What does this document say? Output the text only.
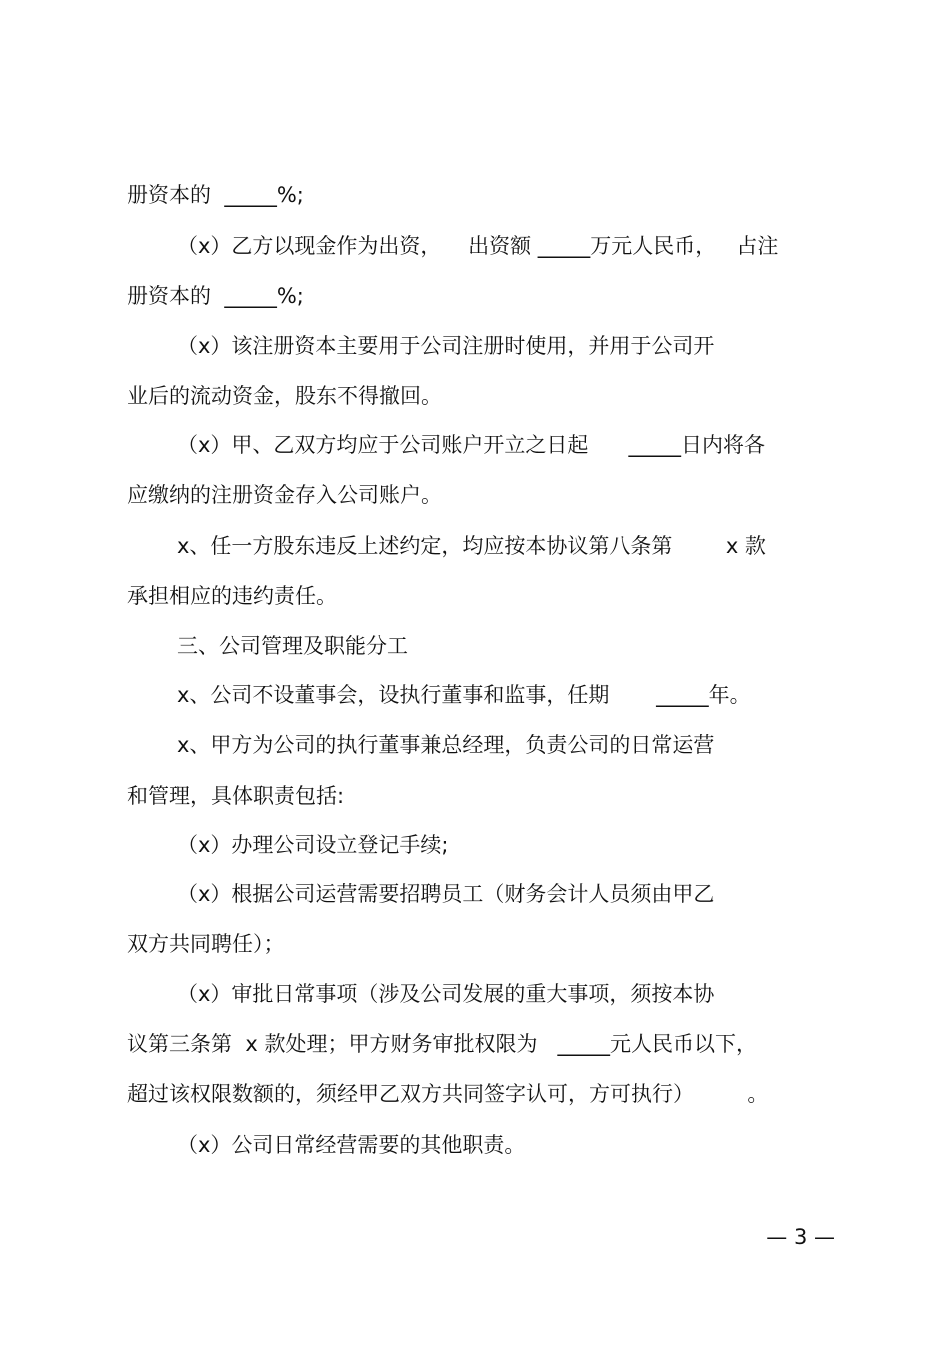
册资本的  _____%;
（x）乙方以现金作为出资，    出资额 _____万元人民币，   占注
册资本的  _____%;
（x）该注册资本主要用于公司注册时使用，并用于公司开
业后的流动资金，股东不得撤回。
（x）甲、乙双方均应于公司账户开立之日起      _____日内将各
应缴纳的注册资金存入公司账户。
x、任一方股东违反上述约定，均应按本协议第八条第        x 款
承担相应的违约责任。
三、公司管理及职能分工
x、公司不设董事会，设执行董事和监事，任期       _____年。
x、甲方为公司的执行董事兼总经理，负责公司的日常运营
和管理，具体职责包括:
（x）办理公司设立登记手续;
（x）根据公司运营需要招聘员工（财务会计人员须由甲乙
双方共同聘任）；
（x）审批日常事项（涉及公司发展的重大事项，须按本协
议第三条第  x 款处理；甲方财务审批权限为   _____元人民币以下，
超过该权限数额的，须经甲乙双方共同签字认可，方可执行）        。
（x）公司日常经营需要的其他职责。
— 3 —
